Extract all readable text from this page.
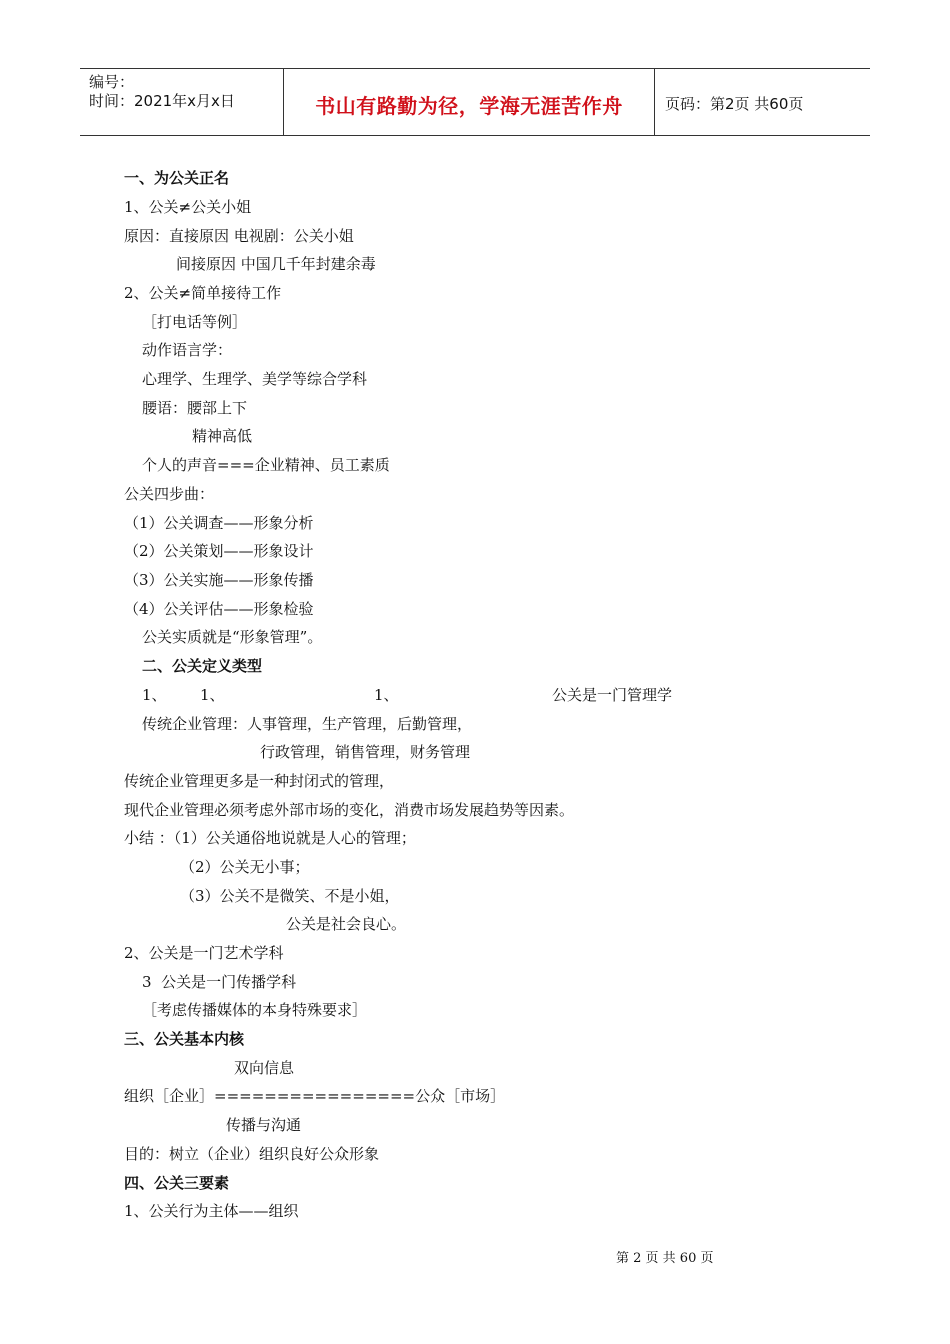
编号：
时间：2021年x月x日	书山有路勤为径，学海无涯苦作舟	页码：第2页 共60页
一、为公关正名
1、公关≠公关小姐
原因：直接原因 电视剧：公关小姐
间接原因 中国几千年封建余毒
2、公关≠简单接待工作
［打电话等例］
动作语言学：
心理学、生理学、美学等综合学科
腰语：腰部上下
精神高低
个人的声音===企业精神、员工素质
公关四步曲：
（1）公关调查——形象分析
（2）公关策划——形象设计
（3）公关实施——形象传播
（4）公关评估——形象检验
公关实质就是“形象管理”。
二、公关定义类型
1、 1、	1、	公关是一门管理学
传统企业管理：人事管理，生产管理，后勤管理，
行政管理，销售管理，财务管理
传统企业管理更多是一种封闭式的管理，
现代企业管理必须考虑外部市场的变化，消费市场发展趋势等因素。
小结 ：（1）公关通俗地说就是人心的管理；
（2）公关无小事；
（3）公关不是微笑、不是小姐，
公关是社会良心。
2、公关是一门艺术学科
3  公关是一门传播学科
［考虑传播媒体的本身特殊要求］
三、公关基本内核
双向信息
组织［企业］================公众［市场］
传播与沟通
目的：树立（企业）组织良好公众形象
四、公关三要素
1、公关行为主体——组织
第 2 页 共 60 页
